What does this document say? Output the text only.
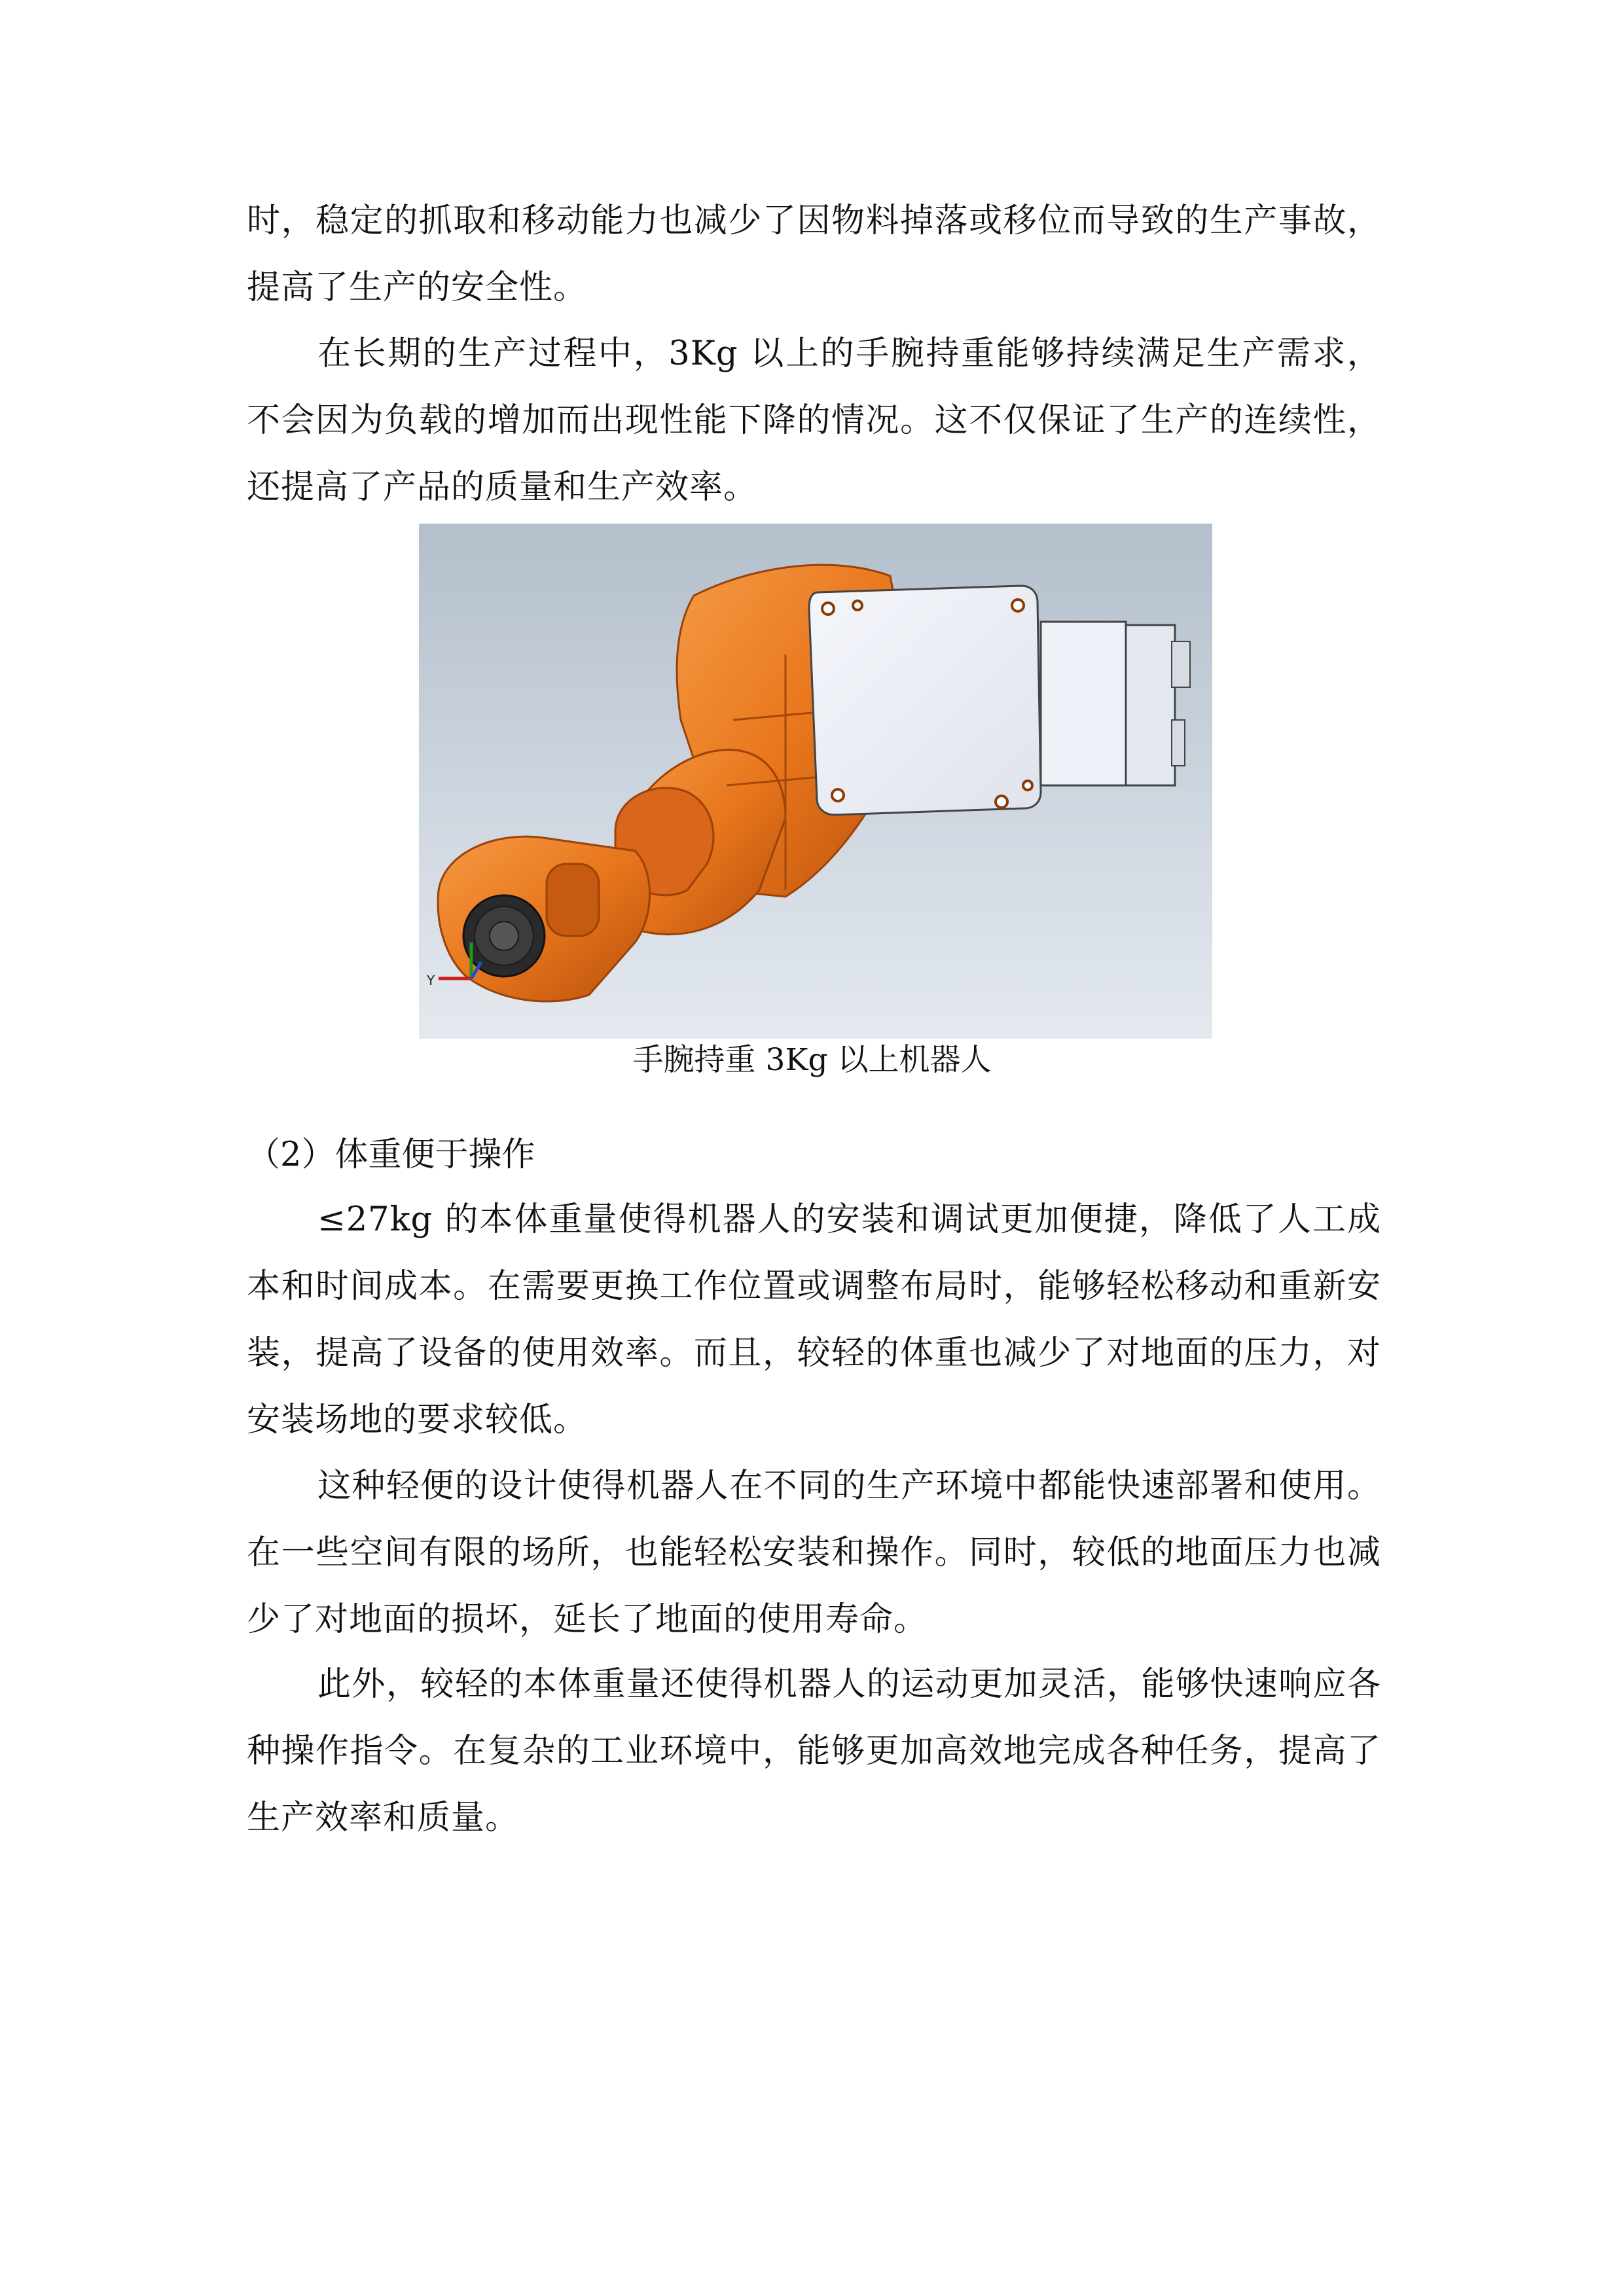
时，稳定的抓取和移动能力也减少了因物料掉落或移位而导致的生产事故，提高了生产的安全性。

在长期的生产过程中，3Kg 以上的手腕持重能够持续满足生产需求，不会因为负载的增加而出现性能下降的情况。这不仅保证了生产的连续性，还提高了产品的质量和生产效率。

Y

手腕持重 3Kg 以上机器人

（2）体重便于操作

≤27kg 的本体重量使得机器人的安装和调试更加便捷，降低了人工成本和时间成本。在需要更换工作位置或调整布局时，能够轻松移动和重新安装，提高了设备的使用效率。而且，较轻的体重也减少了对地面的压力，对安装场地的要求较低。

这种轻便的设计使得机器人在不同的生产环境中都能快速部署和使用。在一些空间有限的场所，也能轻松安装和操作。同时，较低的地面压力也减少了对地面的损坏，延长了地面的使用寿命。

此外，较轻的本体重量还使得机器人的运动更加灵活，能够快速响应各种操作指令。在复杂的工业环境中，能够更加高效地完成各种任务，提高了生产效率和质量。
